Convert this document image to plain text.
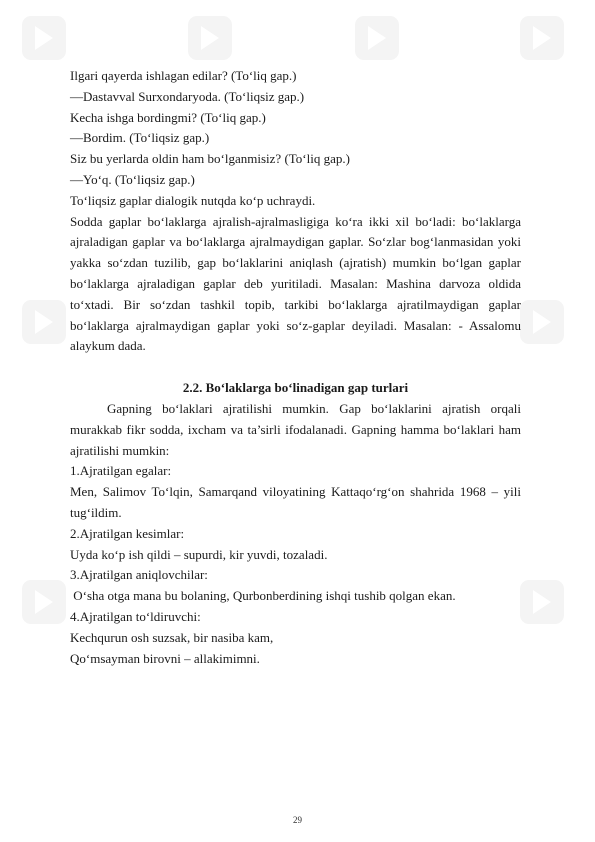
Ilgari qayerda ishlagan edilar? (To‘liq gap.)
—Dastavval Surxondaryoda. (To‘liqsiz gap.)
Kecha ishga bordingmi? (To‘liq gap.)
—Bordim. (To‘liqsiz gap.)
Siz bu yerlarda oldin ham bo‘lganmisiz? (To‘liq gap.)
—Yo‘q. (To‘liqsiz gap.)
To‘liqsiz gaplar dialogik nutqda ko‘p uchraydi.
Sodda gaplar bo‘laklarga ajralish-ajralmasligiga ko‘ra ikki xil bo‘ladi: bo‘laklarga ajraladigan gaplar va bo‘laklarga ajralmaydigan gaplar. So‘zlar bog‘lanmasidan yoki yakka so‘zdan tuzilib, gap bo‘laklarini aniqlash (ajratish) mumkin bo‘lgan gaplar bo‘laklarga ajraladigan gaplar deb yuritiladi. Masalan: Mashina darvoza oldida to‘xtadi. Bir so‘zdan tashkil topib, tarkibi bo‘laklarga ajratilmaydigan gaplar bo‘laklarga ajralmaydigan gaplar yoki so‘z-gaplar deyiladi. Masalan: - Assalomu alaykum dada.
2.2. Bo‘laklarga bo‘linadigan gap turlari
Gapning bo‘laklari ajratilishi mumkin. Gap bo‘laklarini ajratish orqali murakkab fikr sodda, ixcham va ta’sirli ifodalanadi. Gapning hamma bo‘laklari ham ajratilishi mumkin:
1.Ajratilgan egalar:
Men, Salimov To‘lqin, Samarqand viloyatining Kattaqo‘rg‘on shahrida 1968 – yili tug‘ildim.
2.Ajratilgan kesimlar:
Uyda ko‘p ish qildi – supurdi, kir yuvdi, tozaladi.
3.Ajratilgan aniqlovchilar:
O‘sha otga mana bu bolaning, Qurbonberdining ishqi tushib qolgan ekan.
4.Ajratilgan to‘ldiruvchi:
Kechqurun osh suzsak, bir nasiba kam,
Qo‘msayman birovni – allakimimni.
29
